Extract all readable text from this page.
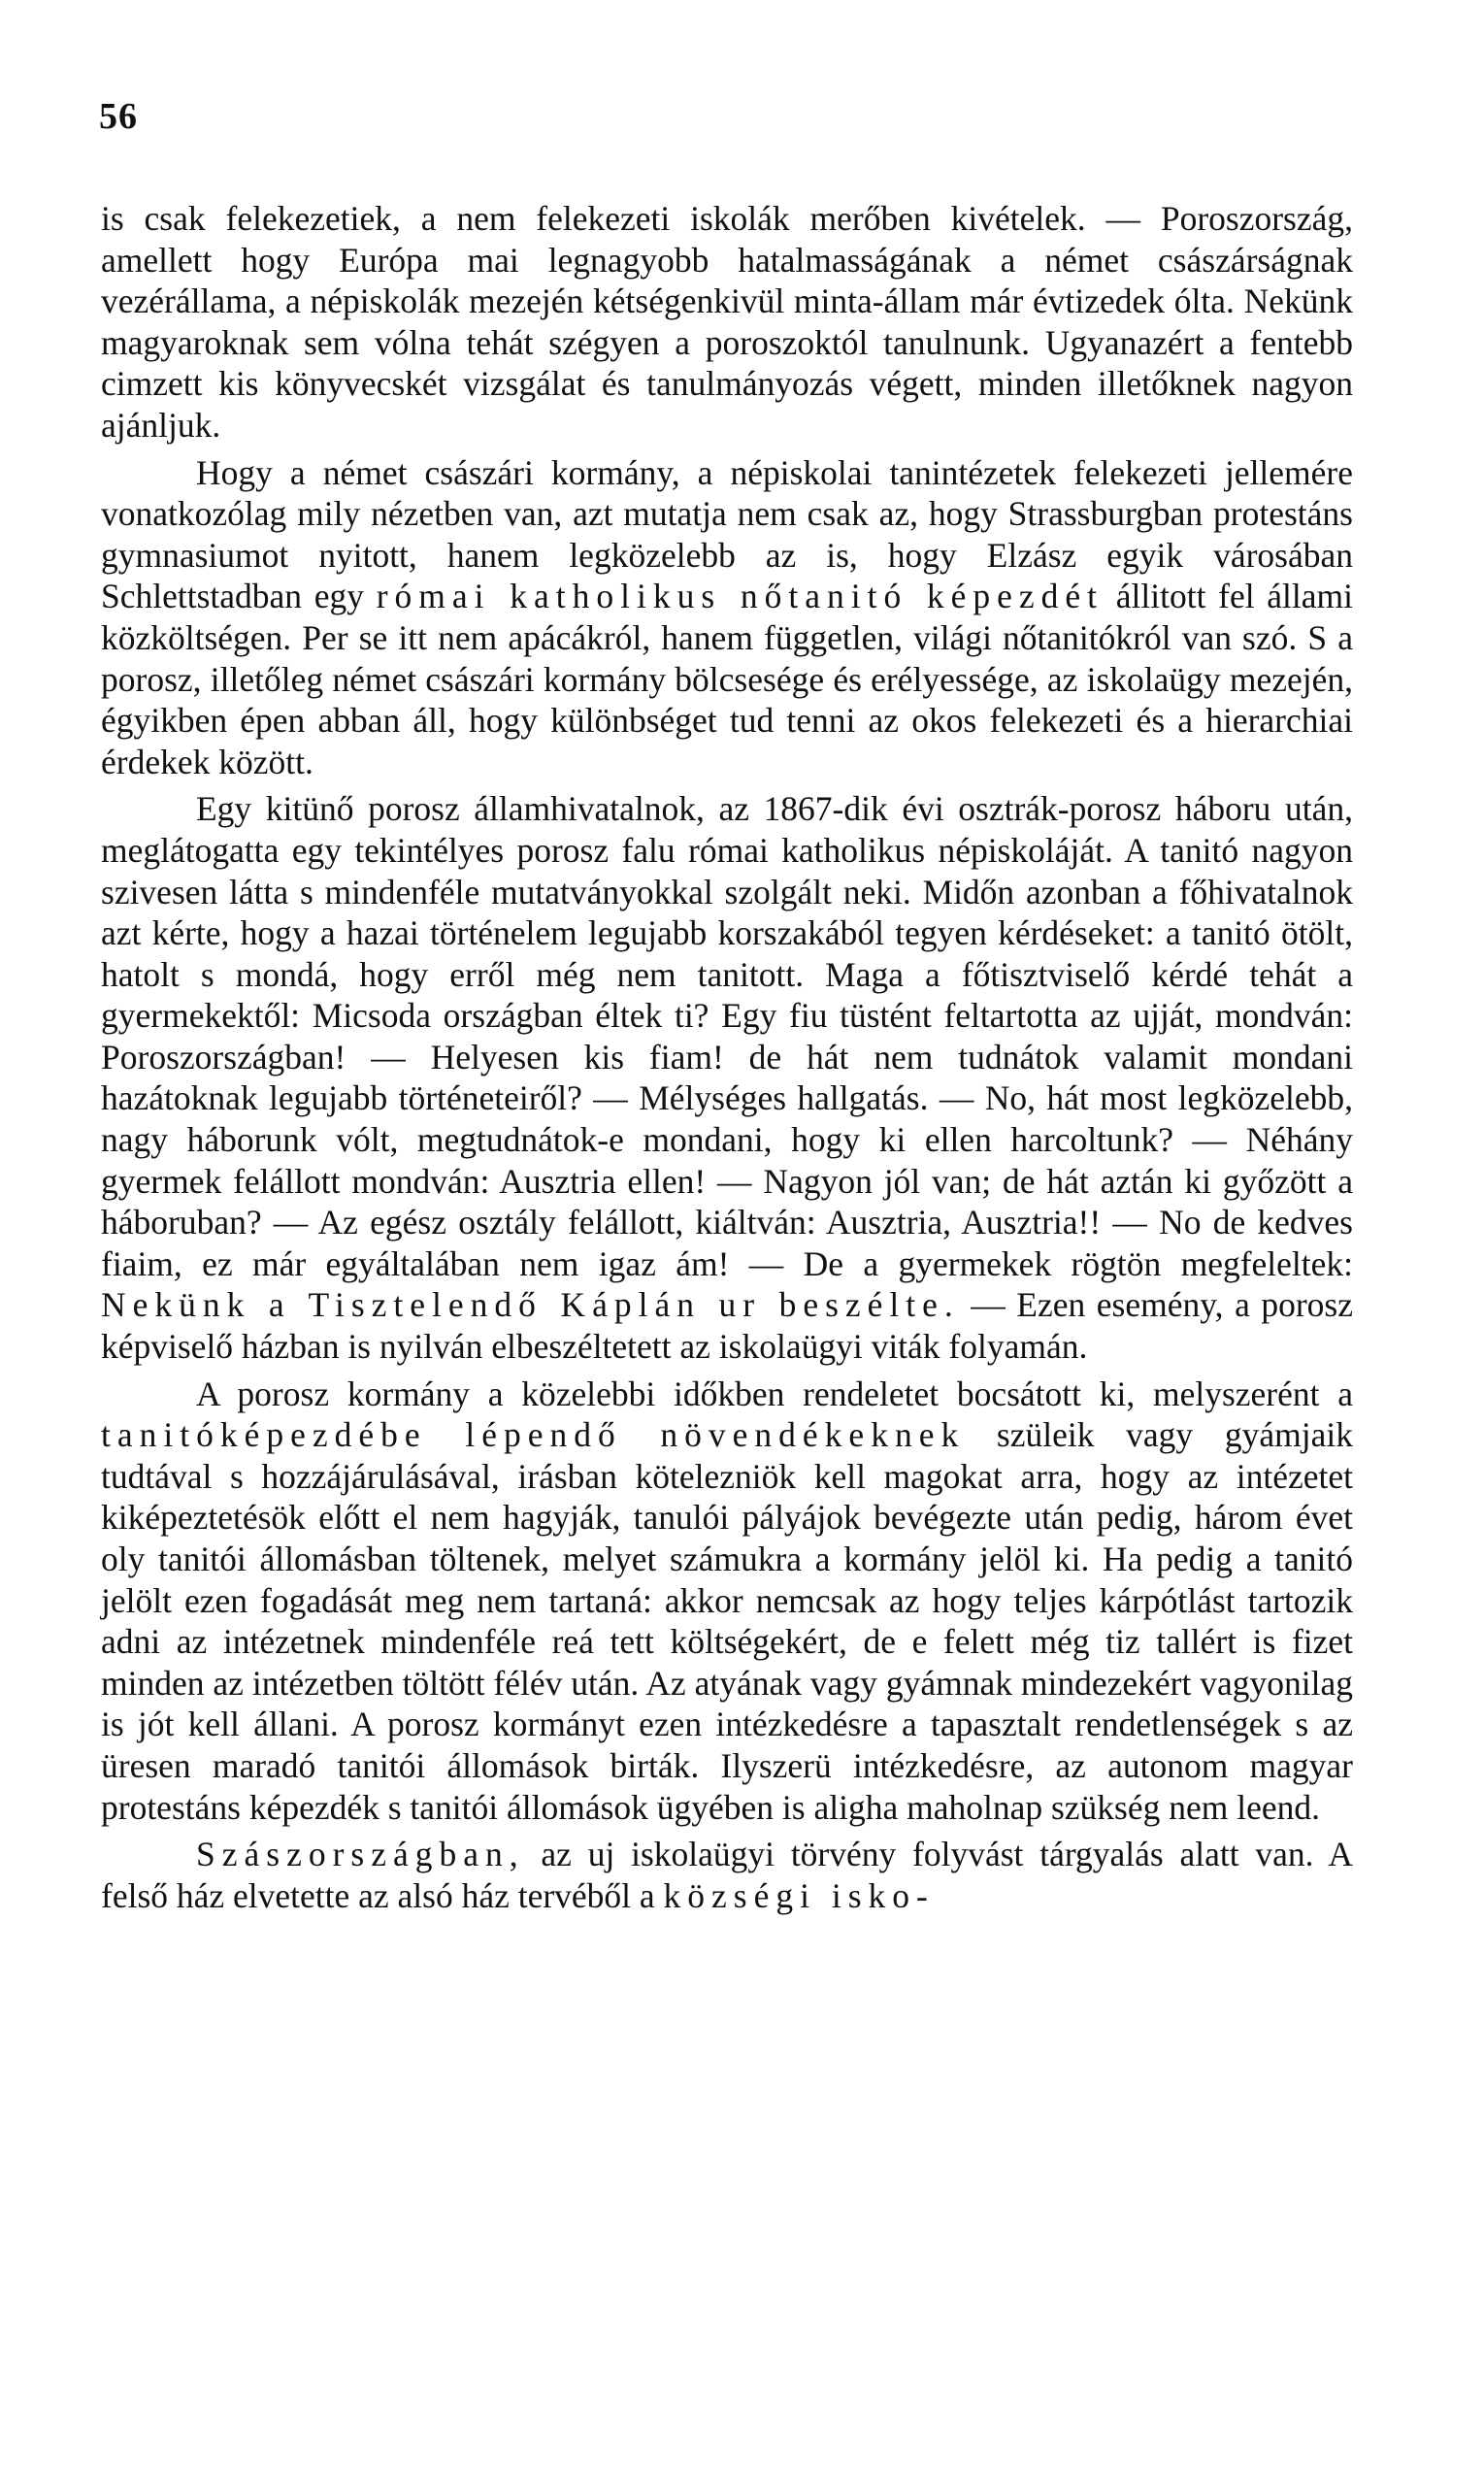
56

is csak felekezetiek, a nem felekezeti iskolák merőben kivételek. — Poroszország, amellett hogy Európa mai legnagyobb hatalmasságának a német császárságnak vezérállama, a népiskolák mezején kétségenkivül minta-állam már évtizedek ólta. Nekünk magyaroknak sem vólna tehát szégyen a poroszoktól tanulnunk. Ugyanazért a fentebb cimzett kis könyvecskét vizsgálat és tanulmányozás végett, minden illetőknek nagyon ajánljuk.

Hogy a német császári kormány, a népiskolai tanintézetek felekezeti jellemére vonatkozólag mily nézetben van, azt mutatja nem csak az, hogy Strassburgban protestáns gymnasiumot nyitott, hanem legközelebb az is, hogy Elzász egyik városában Schlettstadban egy római katholikus nőtanitó képezdét állitott fel állami közköltségen. Per se itt nem apácákról, hanem független, világi nőtanitókról van szó. S a porosz, illetőleg német császári kormány bölcsesége és erélyessége, az iskolaügy mezején, égyikben épen abban áll, hogy különbséget tud tenni az okos felekezeti és a hierarchiai érdekek között.

Egy kitünő porosz államhivatalnok, az 1867-dik évi osztrák-porosz háboru után, meglátogatta egy tekintélyes porosz falu római katholikus népiskoláját. A tanitó nagyon szivesen látta s mindenféle mutatványokkal szolgált neki. Midőn azonban a főhivatalnok azt kérte, hogy a hazai történelem legujabb korszakából tegyen kérdéseket: a tanitó ötölt, hatolt s mondá, hogy erről még nem tanitott. Maga a főtisztviselő kérdé tehát a gyermekektől: Micsoda országban éltek ti? Egy fiu tüstént feltartotta az ujját, mondván: Poroszországban! — Helyesen kis fiam! de hát nem tudnátok valamit mondani hazátoknak legujabb történeteiről? — Mélységes hallgatás. — No, hát most legközelebb, nagy háborunk vólt, megtudnátok-e mondani, hogy ki ellen harcoltunk? — Néhány gyermek felállott mondván: Ausztria ellen! — Nagyon jól van; de hát aztán ki győzött a háboruban? — Az egész osztály felállott, kiáltván: Ausztria, Ausztria!! — No de kedves fiaim, ez már egyáltalában nem igaz ám! — De a gyermekek rögtön megfeleltek: Nekünk a Tisztelendő Káplán ur beszélte. — Ezen esemény, a porosz képviselő házban is nyilván elbeszéltetett az iskolaügyi viták folyamán.

A porosz kormány a közelebbi időkben rendeletet bocsátott ki, melyszerént a tanitóképezdébe lépendő növendékeknek szüleik vagy gyámjaik tudtával s hozzájárulásával, irásban kötelezniök kell magokat arra, hogy az intézetet kiképeztetésök előtt el nem hagyják, tanulói pályájok bevégezte után pedig, három évet oly tanitói állomásban töltenek, melyet számukra a kormány jelöl ki. Ha pedig a tanitó jelölt ezen fogadását meg nem tartaná: akkor nemcsak az hogy teljes kárpótlást tartozik adni az intézetnek mindenféle reá tett költségekért, de e felett még tiz tallért is fizet minden az intézetben töltött félév után. Az atyának vagy gyámnak mindezekért vagyonilag is jót kell állani. A porosz kormányt ezen intézkedésre a tapasztalt rendetlenségek s az üresen maradó tanitói állomások birták. Ilyszerü intézkedésre, az autonom magyar protestáns képezdék s tanitói állomások ügyében is aligha maholnap szükség nem leend.

Szászországban, az uj iskolaügyi törvény folyvást tárgyalás alatt van. A felső ház elvetette az alsó ház tervéből a községi isko-
